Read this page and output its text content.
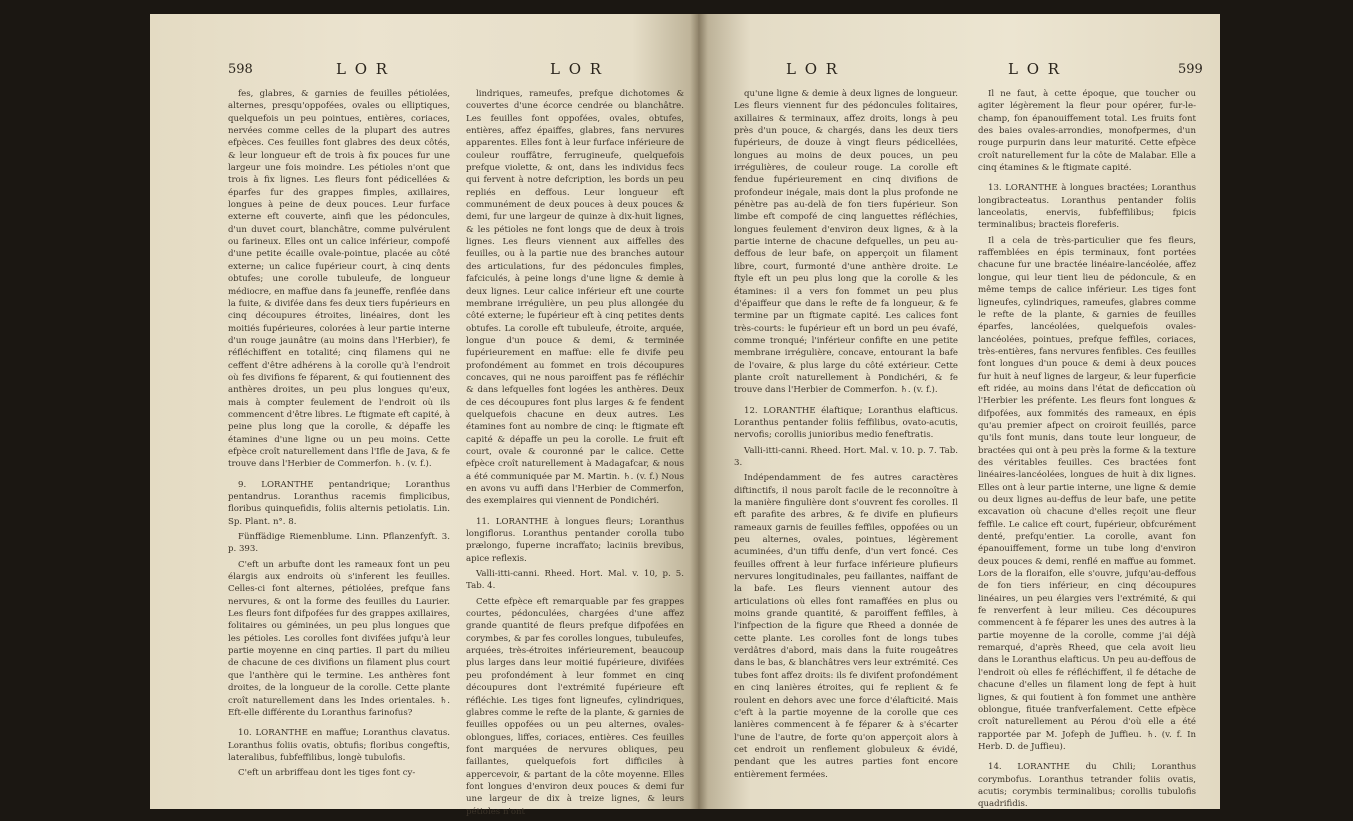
598	L O R	L O R

fes, glabres, & garnies de feuilles pétiolées, alternes, presqu'oppofées, ovales ou elliptiques, quelquefois un peu pointues, entières, coriaces, nervées comme celles de la plupart des autres efpèces. Ces feuilles font glabres des deux côtés, & leur longueur eft de trois à fix pouces fur une largeur une fois moindre. Les pétioles n'ont que trois à fix lignes. Les fleurs font pédicellées & éparfes fur des grappes fimples, axillaires, longues à peine de deux pouces. Leur furface externe eft couverte, ainfi que les pédoncules, d'un duvet court, blanchâtre, comme pulvérulent ou farineux. Elles ont un calice inférieur, compofé d'une petite écaille ovale-pointue, placée au côté externe; un calice fupérieur court, à cinq dents obtufes; une corolle tubuleufe, de longueur médiocre, en maffue dans fa jeuneffe, renflée dans la fuite, & divifée dans fes deux tiers fupérieurs en cinq découpures étroites, linéaires, dont les moitiés fupérieures, colorées à leur partie interne d'un rouge jaunâtre (au moins dans l'Herbier), fe réfléchiffent en totalité; cinq filamens qui ne ceffent d'être adhérens à la corolle qu'à l'endroit où fes divifions fe féparent, & qui foutiennent des anthères droites, un peu plus longues qu'eux, mais à compter feulement de l'endroit où ils commencent d'être libres. Le ftigmate eft capité, à peine plus long que la corolle, & dépaffe les étamines d'une ligne ou un peu moins. Cette efpèce croît naturellement dans l'Ifle de Java, & fe trouve dans l'Herbier de Commerfon. ♄. (v. f.).

9. LORANTHE pentandrique; Loranthus pentandrus. Loranthus racemis fimplicibus, floribus quinquefidis, foliis alternis petiolatis. Lin. Sp. Plant. n°. 8.

Fünffädige Riemenblume. Linn. Pflanzenfyft. 3. p. 393.

C'eft un arbufte dont les rameaux font un peu élargis aux endroits où s'inferent les feuilles. Celles-ci font alternes, pétiolées, prefque fans nervures, & ont la forme des feuilles du Laurier. Les fleurs font difpofées fur des grappes axillaires, folitaires ou géminées, un peu plus longues que les pétioles. Les corolles font divifées jufqu'à leur partie moyenne en cinq parties. Il part du milieu de chacune de ces divifions un filament plus court que l'anthère qui le termine. Les anthères font droites, de la longueur de la corolle. Cette plante croît naturellement dans les Indes orientales. ♄. Eft-elle différente du Loranthus farinofus?

10. LORANTHE en maffue; Loranthus clavatus. Loranthus foliis ovatis, obtufis; floribus congeftis, lateralibus, fubfeffilibus, longè tubulofis.

C'eft un arbriffeau dont les tiges font cy-

lindriques, rameufes, prefque dichotomes & couvertes d'une écorce cendrée ou blanchâtre. Les feuilles font oppofées, ovales, obtufes, entières, affez épaiffes, glabres, fans nervures apparentes. Elles font à leur furface inférieure de couleur rouffâtre, ferrugineufe, quelquefois prefque violette, & ont, dans les individus fecs qui fervent à notre defcription, les bords un peu repliés en deffous. Leur longueur eft communément de deux pouces à deux pouces & demi, fur une largeur de quinze à dix-huit lignes, & les pétioles ne font longs que de deux à trois lignes. Les fleurs viennent aux aiffelles des feuilles, ou à la partie nue des branches autour des articulations, fur des pédoncules fimples, fafciculés, à peine longs d'une ligne & demie à deux lignes. Leur calice inférieur eft une courte membrane irrégulière, un peu plus allongée du côté externe; le fupérieur eft à cinq petites dents obtufes. La corolle eft tubuleufe, étroite, arquée, longue d'un pouce & demi, & terminée fupérieurement en maffue: elle fe divife peu profondément au fommet en trois découpures concaves, qui ne nous paroiffent pas fe réfléchir & dans lefquelles font logées les anthères. Deux de ces découpures font plus larges & fe fendent quelquefois chacune en deux autres. Les étamines font au nombre de cinq: le ftigmate eft capité & dépaffe un peu la corolle. Le fruit eft court, ovale & couronné par le calice. Cette efpèce croît naturellement à Madagafcar, & nous a été communiquée par M. Martin. ♄. (v. f.) Nous en avons vu auffi dans l'Herbier de Commerfon, des exemplaires qui viennent de Pondichéri.

11. LORANTHE à longues fleurs; Loranthus longiflorus. Loranthus pentander corolla tubo prælongo, fuperne incraffato; laciniis brevibus, apice reflexis.

Valli-itti-canni. Rheed. Hort. Mal. v. 10, p. 5. Tab. 4.

Cette efpèce eft remarquable par fes grappes courtes, pédonculées, chargées d'une affez grande quantité de fleurs prefque difpofées en corymbes, & par fes corolles longues, tubuleufes, arquées, très-étroites inférieurement, beaucoup plus larges dans leur moitié fupérieure, divifées peu profondément à leur fommet en cinq découpures dont l'extrémité fupérieure eft réfléchie. Les tiges font ligneufes, cylindriques, glabres comme le refte de la plante, & garnies de feuilles oppofées ou un peu alternes, ovales-oblongues, liffes, coriaces, entières. Ces feuilles font marquées de nervures obliques, peu faillantes, quelquefois fort difficiles à appercevoir, & partant de la côte moyenne. Elles font longues d'environ deux pouces & demi fur une largeur de dix à treize lignes, & leurs pétioles n'ont

L O R	L O R	599

qu'une ligne & demie à deux lignes de longueur. Les fleurs viennent fur des pédoncules folitaires, axillaires & terminaux, affez droits, longs à peu près d'un pouce, & chargés, dans les deux tiers fupérieurs, de douze à vingt fleurs pédicellées, longues au moins de deux pouces, un peu irrégulières, de couleur rouge. La corolle eft fendue fupérieurement en cinq divifions de profondeur inégale, mais dont la plus profonde ne pénètre pas au-delà de fon tiers fupérieur. Son limbe eft compofé de cinq languettes réfléchies, longues feulement d'environ deux lignes, & à la partie interne de chacune defquelles, un peu au-deffous de leur bafe, on apperçoit un filament libre, court, furmonté d'une anthère droite. Le ftyle eft un peu plus long que la corolle & les étamines: il a vers fon fommet un peu plus d'épaiffeur que dans le refte de fa longueur, & fe termine par un ftigmate capité. Les calices font très-courts: le fupérieur eft un bord un peu évafé, comme tronqué; l'inférieur confifte en une petite membrane irrégulière, concave, entourant la bafe de l'ovaire, & plus large du côté extérieur. Cette plante croît naturellement à Pondichéri, & fe trouve dans l'Herbier de Commerfon. ♄. (v. f.).

12. LORANTHE élaftique; Loranthus elafticus. Loranthus pentander foliis feffilibus, ovato-acutis, nervofis; corollis junioribus medio feneftratis.

Valli-itti-canni. Rheed. Hort. Mal. v. 10. p. 7. Tab. 3.

Indépendamment de fes autres caractères diftinctifs, il nous paroît facile de le reconnoître à la manière fingulière dont s'ouvrent fes corolles. Il eft parafite des arbres, & fe divife en plufieurs rameaux garnis de feuilles feffiles, oppofées ou un peu alternes, ovales, pointues, légèrement acuminées, d'un tiffu denfe, d'un vert foncé. Ces feuilles offrent à leur furface inférieure plufieurs nervures longitudinales, peu faillantes, naiffant de la bafe. Les fleurs viennent autour des articulations où elles font ramaffées en plus ou moins grande quantité, & paroiffent feffiles, à l'infpection de la figure que Rheed a donnée de cette plante. Les corolles font de longs tubes verdâtres d'abord, mais dans la fuite rougeâtres dans le bas, & blanchâtres vers leur extrémité. Ces tubes font affez droits: ils fe divifent profondément en cinq lanières étroites, qui fe replient & fe roulent en dehors avec une force d'élafticité. Mais c'eft à la partie moyenne de la corolle que ces lanières commencent à fe féparer & à s'écarter l'une de l'autre, de forte qu'on apperçoit alors à cet endroit un renflement globuleux & évidé, pendant que les autres parties font encore entièrement fermées.

Il ne faut, à cette époque, que toucher ou agiter légèrement la fleur pour opérer, fur-le-champ, fon épanouiffement total. Les fruits font des baies ovales-arrondies, monofpermes, d'un rouge purpurin dans leur maturité. Cette efpèce croît naturellement fur la côte de Malabar. Elle a cinq étamines & le ftigmate capité.

13. LORANTHE à longues bractées; Loranthus longibracteatus. Loranthus pentander foliis lanceolatis, enervis, fubfeffilibus; fpicis terminalibus; bracteis floreferis.

Il a cela de très-particulier que fes fleurs, raffemblées en épis terminaux, font portées chacune fur une bractée linéaire-lancéolée, affez longue, qui leur tient lieu de pédoncule, & en même temps de calice inférieur. Les tiges font ligneufes, cylindriques, rameufes, glabres comme le refte de la plante, & garnies de feuilles éparfes, lancéolées, quelquefois ovales-lancéolées, pointues, prefque feffiles, coriaces, très-entières, fans nervures fenfibles. Ces feuilles font longues d'un pouce & demi à deux pouces fur huit à neuf lignes de largeur, & leur fuperficie eft ridée, au moins dans l'état de deficcation où l'Herbier les préfente. Les fleurs font longues & difpofées, aux fommités des rameaux, en épis qu'au premier afpect on croiroit feuillés, parce qu'ils font munis, dans toute leur longueur, de bractées qui ont à peu près la forme & la texture des véritables feuilles. Ces bractées font linéaires-lancéolées, longues de huit à dix lignes. Elles ont à leur partie interne, une ligne & demie ou deux lignes au-deffus de leur bafe, une petite excavation où chacune d'elles reçoit une fleur feffile. Le calice eft court, fupérieur, obfcurément denté, prefqu'entier. La corolle, avant fon épanouiffement, forme un tube long d'environ deux pouces & demi, renflé en maffue au fommet. Lors de la floraifon, elle s'ouvre, jufqu'au-deffous de fon tiers inférieur, en cinq découpures linéaires, un peu élargies vers l'extrémité, & qui fe renverfent à leur milieu. Ces découpures commencent à fe féparer les unes des autres à la partie moyenne de la corolle, comme j'ai déjà remarqué, d'après Rheed, que cela avoit lieu dans le Loranthus elafticus. Un peu au-deffous de l'endroit où elles fe réfléchiffent, il fe détache de chacune d'elles un filament long de fept à huit lignes, & qui foutient à fon fommet une anthère oblongue, fituée tranfverfalement. Cette efpèce croît naturellement au Pérou d'où elle a été rapportée par M. Jofeph de Juffieu. ♄. (v. f. In Herb. D. de Juffieu).

14. LORANTHE du Chili; Loranthus corymbofus. Loranthus tetrander foliis ovatis, acutis; corymbis terminalibus; corollis tubulofis quadrifidis.
